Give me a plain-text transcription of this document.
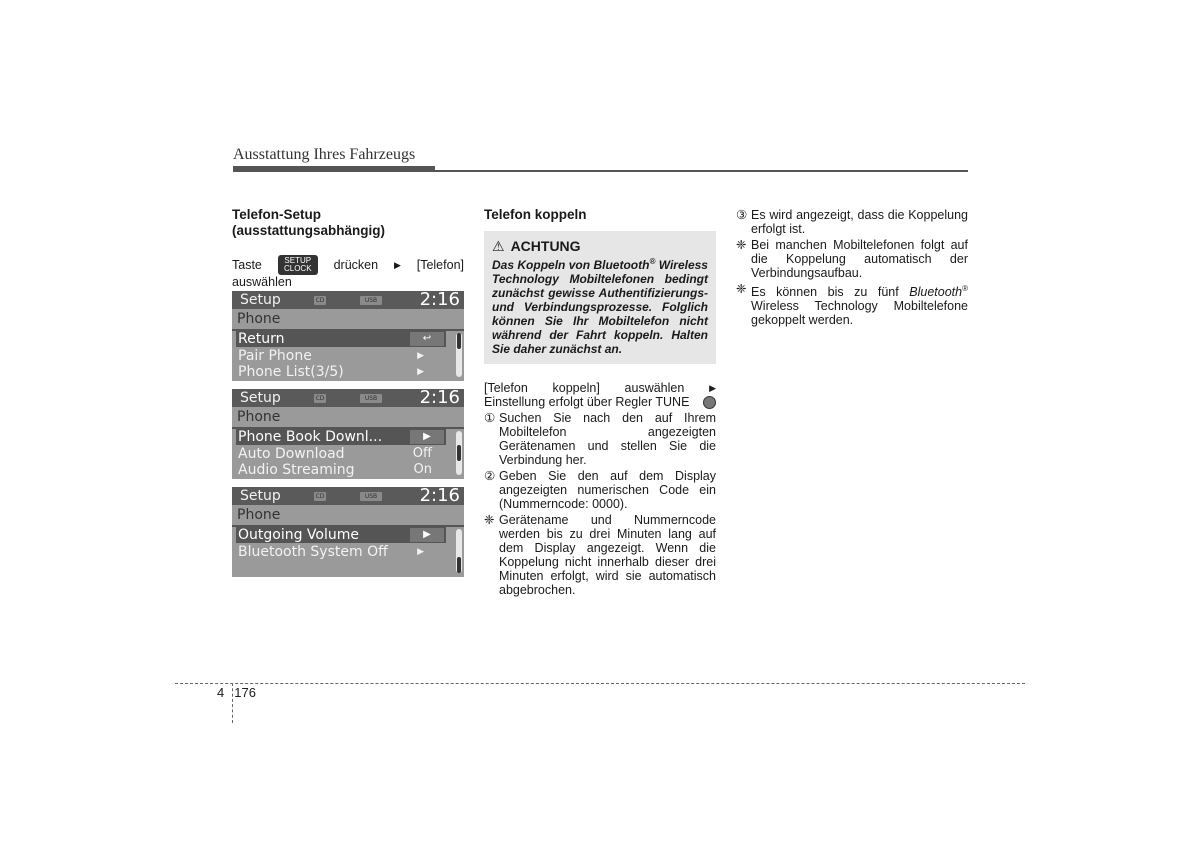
Ausstattung Ihres Fahrzeugs
Telefon-Setup
(ausstattungsabhängig)
Taste	SETUP
CLOCK	drücken ▶ [Telefon]
auswählen
Setup	CD	USB 2:16
Phone
Return	↩
Pair Phone	▶
Phone List(3/5)	▶
Setup	CD	USB 2:16
Phone
Phone Book Downl...	▶
Auto Download	Off
Audio Streaming	On
Setup	CD	USB 2:16
Phone
Outgoing Volume	▶
Bluetooth System Off	▶
Telefon koppeln
⚠ ACHTUNG
Das Koppeln von Bluetooth® Wireless Technology Mobiltelefonen bedingt zunächst gewisse Authentifizierungs- und Verbindungsprozesse. Folglich können Sie Ihr Mobiltelefon nicht während der Fahrt koppeln. Halten Sie daher zunächst an.
[Telefon koppeln] auswählen	▶
Einstellung erfolgt über Regler TUNE
① Suchen Sie nach den auf Ihrem Mobiltelefon angezeigten Gerätenamen und stellen Sie die Verbindung her.
② Geben Sie den auf dem Display angezeigten numerischen Code ein (Nummerncode: 0000).
❈ Gerätename und Nummerncode werden bis zu drei Minuten lang auf dem Display angezeigt. Wenn die Koppelung nicht innerhalb dieser drei Minuten erfolgt, wird sie automatisch abgebrochen.
③ Es wird angezeigt, dass die Koppelung erfolgt ist.
❈ Bei manchen Mobiltelefonen folgt auf die Koppelung automatisch der Verbindungsaufbau.
❈ Es können bis zu fünf Bluetooth® Wireless Technology Mobiltelefone gekoppelt werden.
4 176
